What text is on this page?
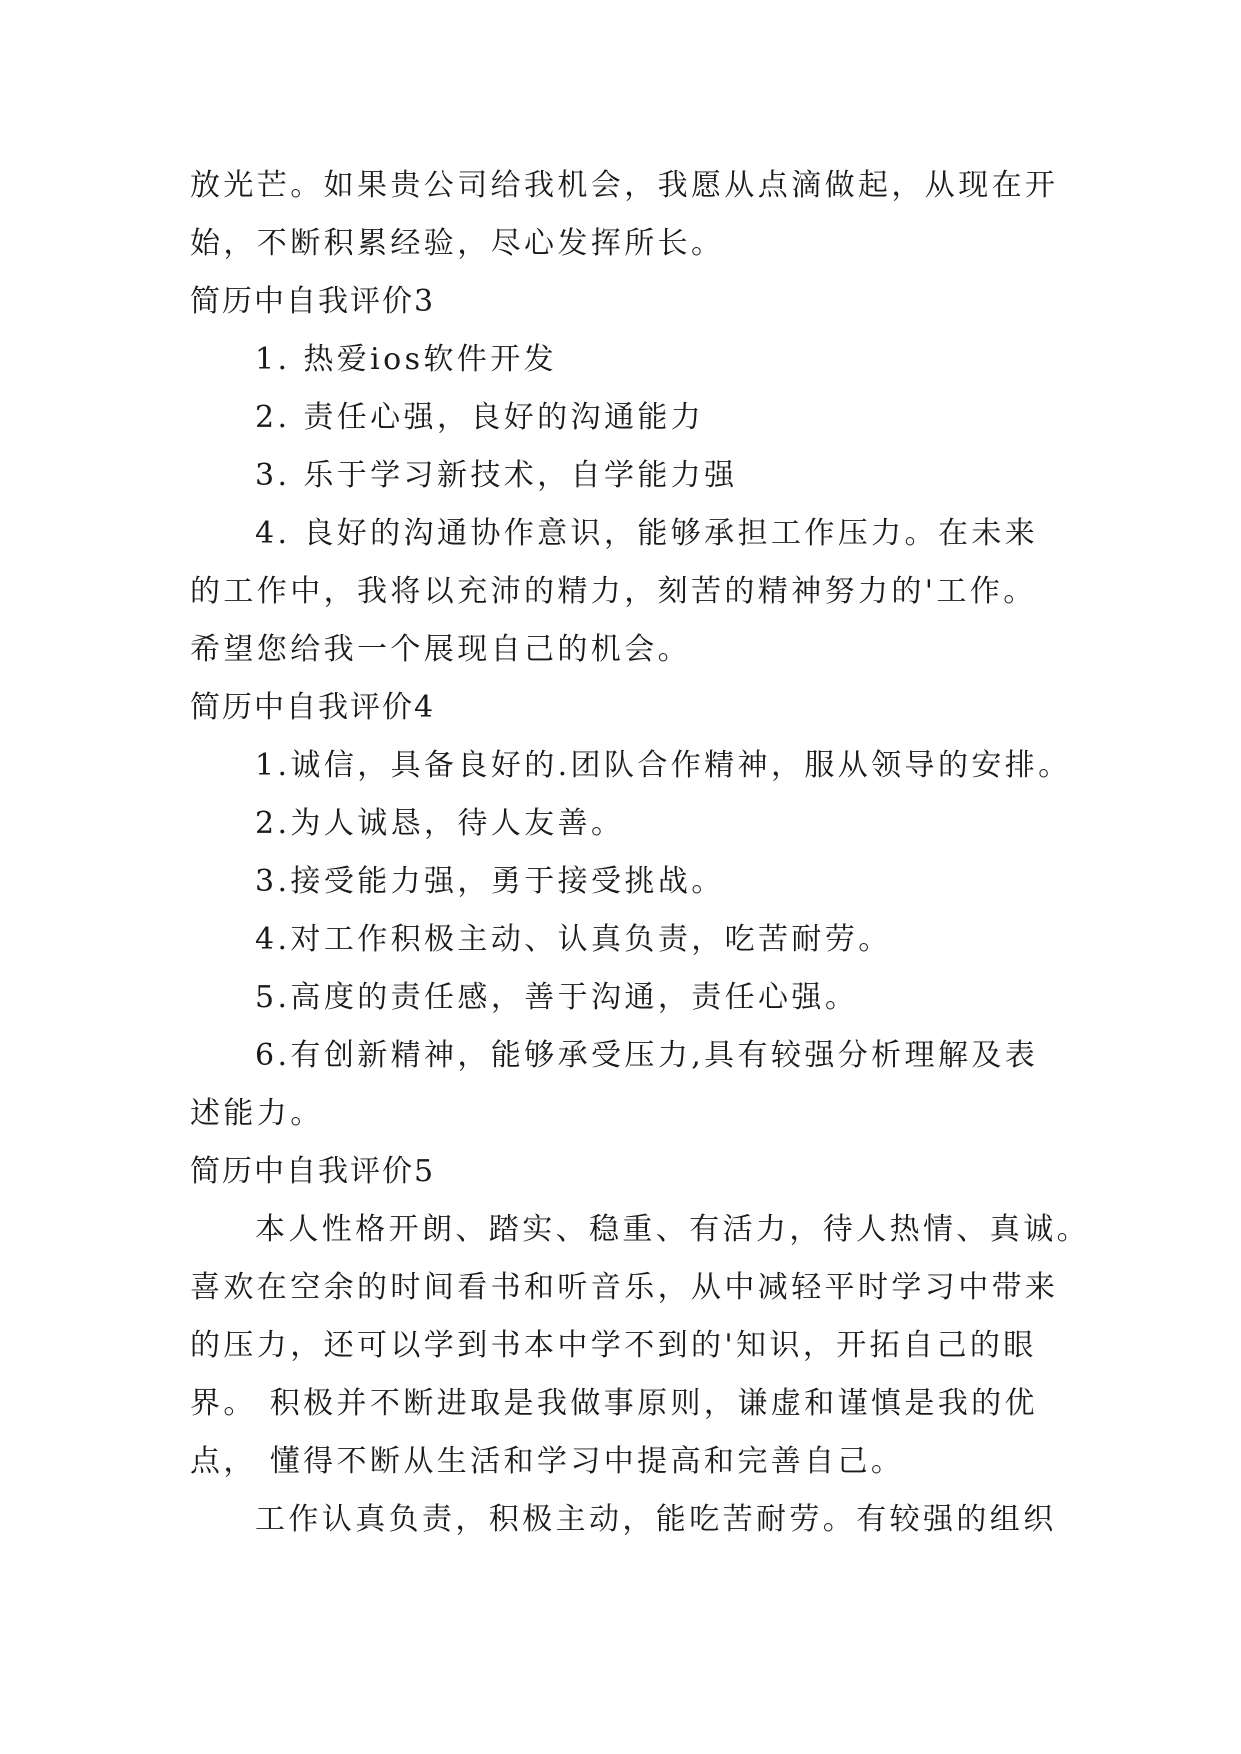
放光芒。如果贵公司给我机会，我愿从点滴做起，从现在开
始，不断积累经验，尽心发挥所长。
简历中自我评价3
1. 热爱ios软件开发
2. 责任心强，良好的沟通能力
3. 乐于学习新技术，自学能力强
4. 良好的沟通协作意识，能够承担工作压力。在未来
的工作中，我将以充沛的精力，刻苦的精神努力的'工作。
希望您给我一个展现自己的机会。
简历中自我评价4
1.诚信，具备良好的.团队合作精神，服从领导的安排。
2.为人诚恳，待人友善。
3.接受能力强，勇于接受挑战。
4.对工作积极主动、认真负责，吃苦耐劳。
5.高度的责任感，善于沟通，责任心强。
6.有创新精神，能够承受压力,具有较强分析理解及表
述能力。
简历中自我评价5
本人性格开朗、踏实、稳重、有活力，待人热情、真诚。
喜欢在空余的时间看书和听音乐，从中减轻平时学习中带来
的压力，还可以学到书本中学不到的'知识，开拓自己的眼
界。 积极并不断进取是我做事原则，谦虚和谨慎是我的优
点， 懂得不断从生活和学习中提高和完善自己。
工作认真负责，积极主动，能吃苦耐劳。有较强的组织
